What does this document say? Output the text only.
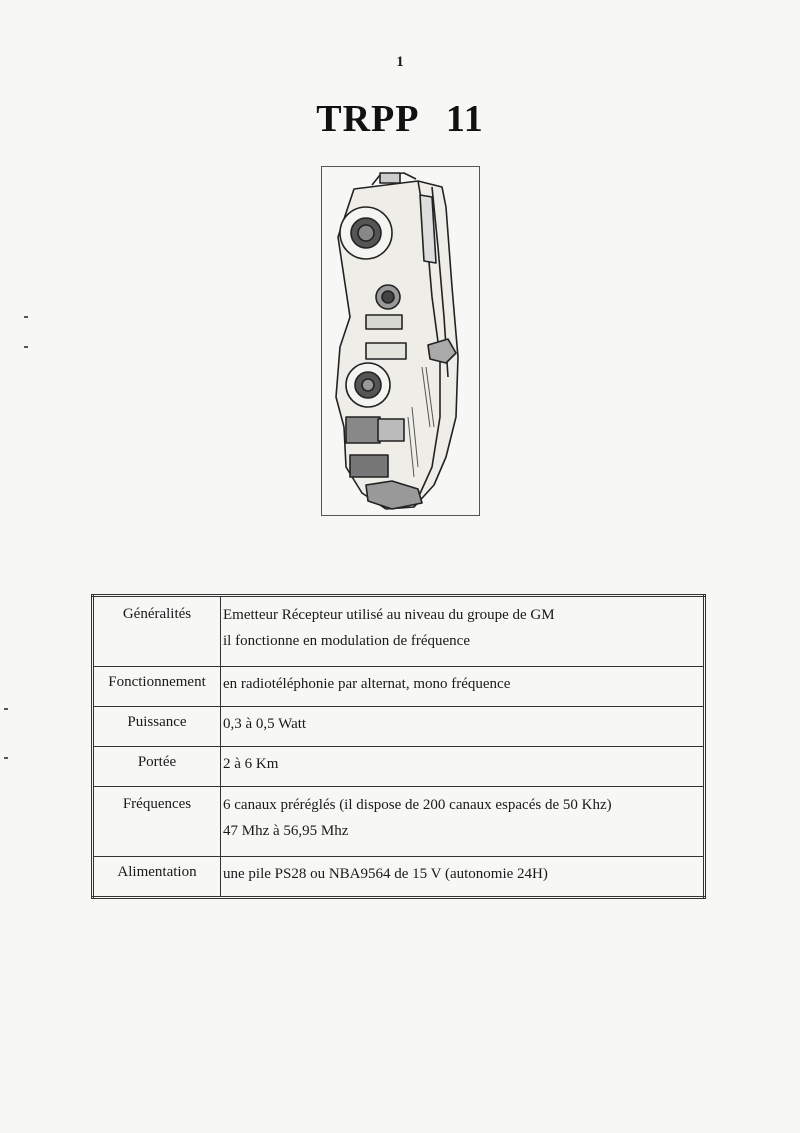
1
TRPP 11
Généralités	Emetteur Récepteur utilisé au niveau du groupe de GM
il fonctionne en modulation de fréquence

Fonctionnement	en radiotéléphonie par alternat, mono fréquence

Puissance	0,3 à 0,5 Watt

Portée	2 à 6 Km

Fréquences	6 canaux préréglés (il dispose de 200 canaux espacés de 50 Khz)
47 Mhz à 56,95 Mhz

Alimentation	une pile PS28 ou NBA9564 de 15 V (autonomie 24H)
